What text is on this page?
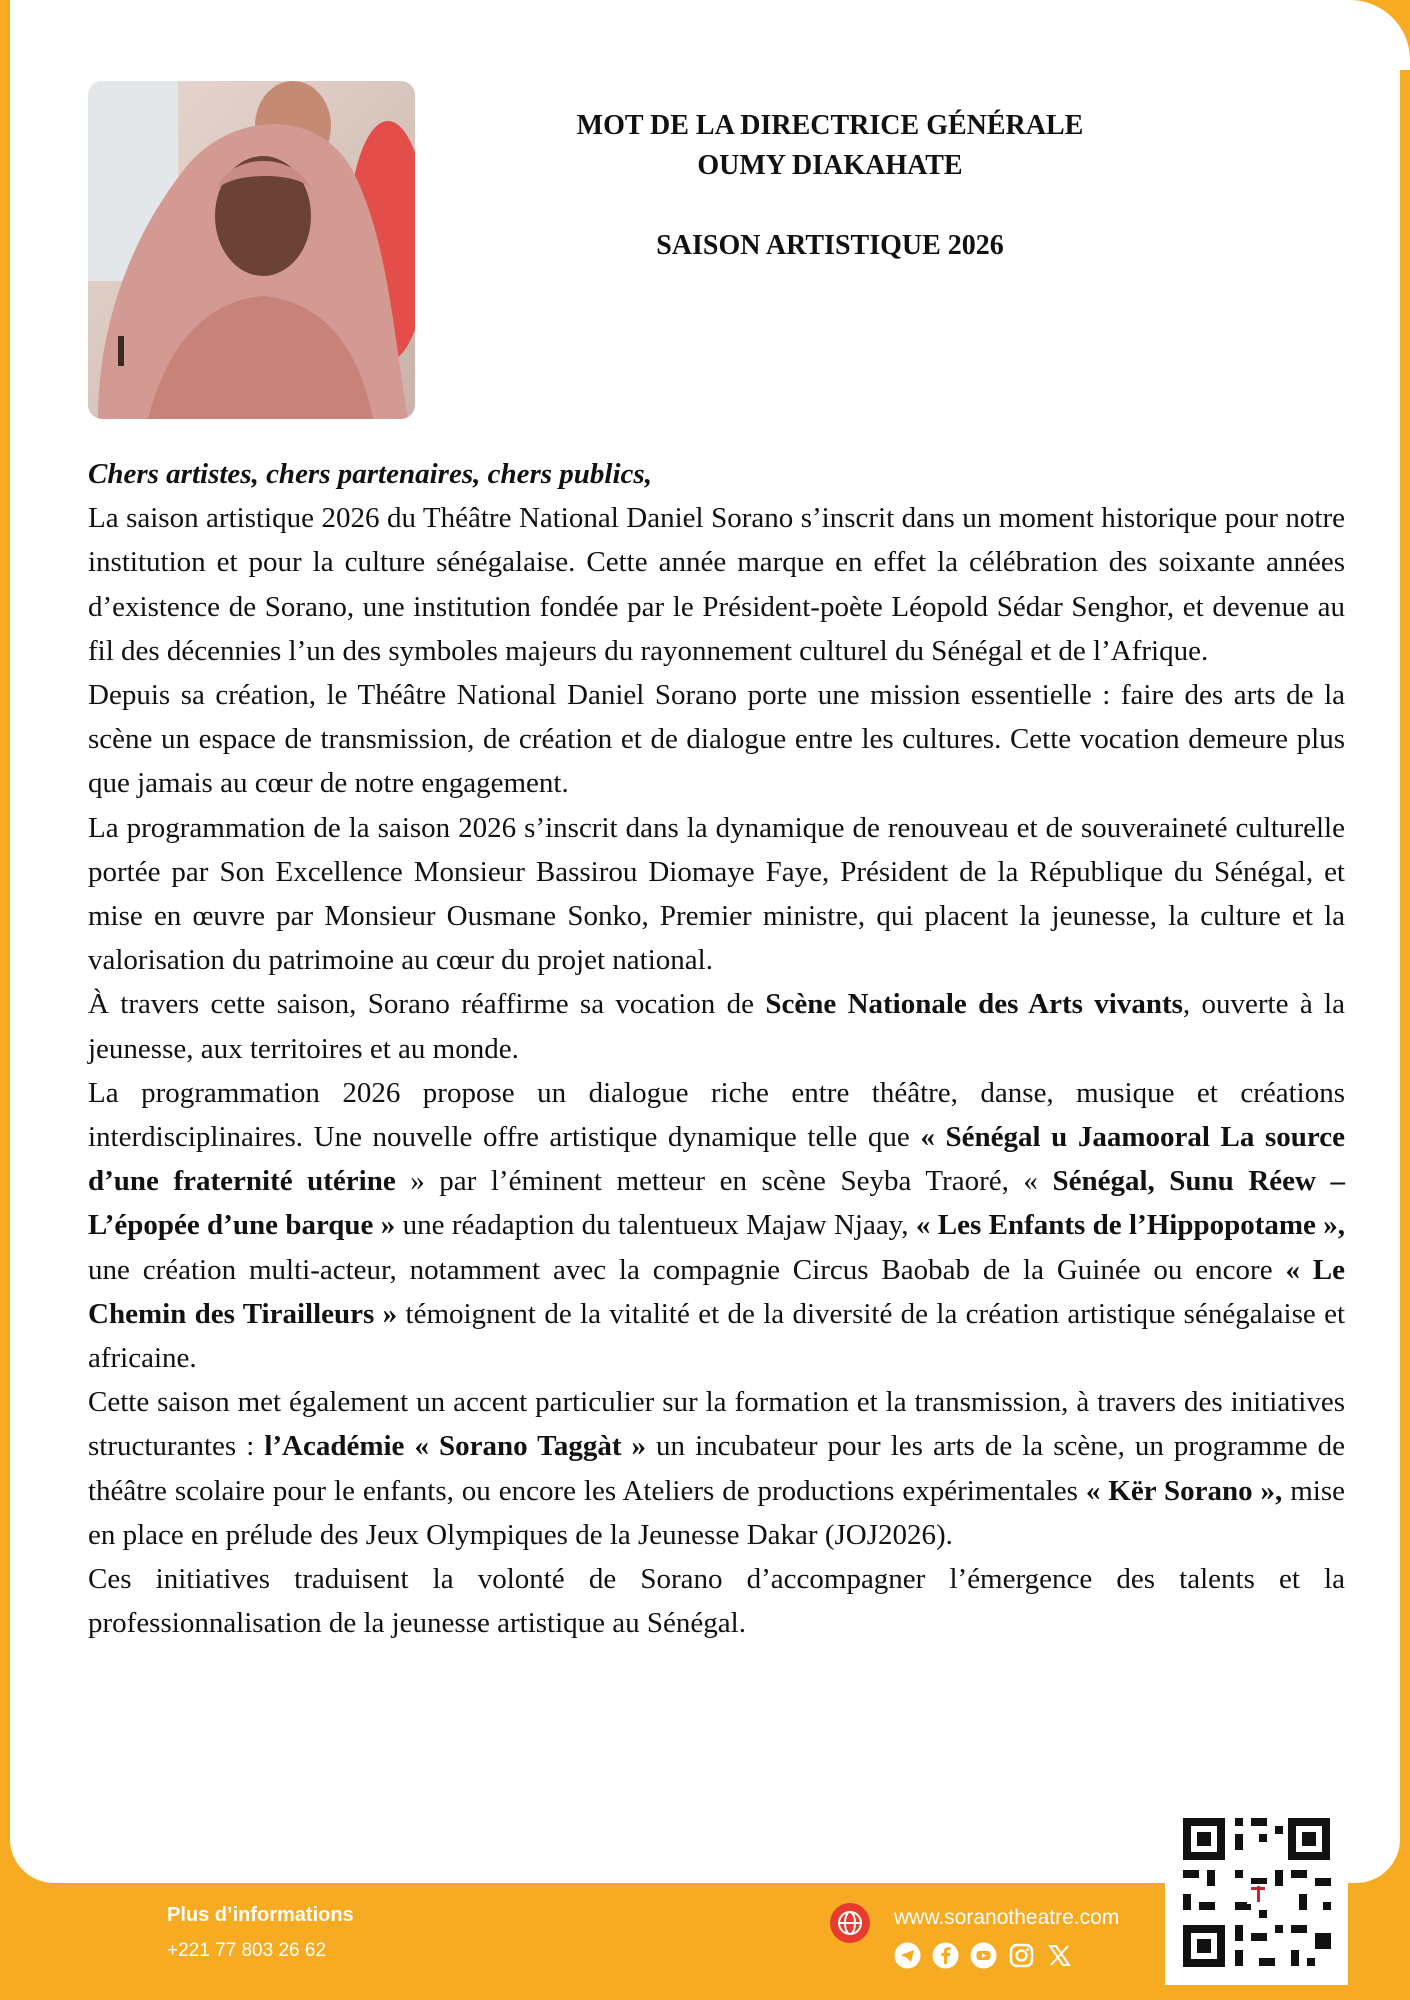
MOT DE LA DIRECTRICE GÉNÉRALE
OUMY DIAKAHATE
SAISON ARTISTIQUE 2026

Chers artistes, chers partenaires, chers publics,

La saison artistique 2026 du Théâtre National Daniel Sorano s’inscrit dans un moment historique pour notre institution et pour la culture sénégalaise. Cette année marque en effet la célébration des soixante années d’existence de Sorano, une institution fondée par le Président-poète Léopold Sédar Senghor, et devenue au fil des décennies l’un des symboles majeurs du rayonnement culturel du Sénégal et de l’Afrique.

Depuis sa création, le Théâtre National Daniel Sorano porte une mission essentielle : faire des arts de la scène un espace de transmission, de création et de dialogue entre les cultures. Cette vocation demeure plus que jamais au cœur de notre engagement.

La programmation de la saison 2026 s’inscrit dans la dynamique de renouveau et de souveraineté culturelle portée par Son Excellence Monsieur Bassirou Diomaye Faye, Président de la République du Sénégal, et mise en œuvre par Monsieur Ousmane Sonko, Premier ministre, qui placent la jeunesse, la culture et la valorisation du patrimoine au cœur du projet national.

À travers cette saison, Sorano réaffirme sa vocation de Scène Nationale des Arts vivants, ouverte à la jeunesse, aux territoires et au monde.

La programmation 2026 propose un dialogue riche entre théâtre, danse, musique et créations interdisciplinaires. Une nouvelle offre artistique dynamique telle que « Sénégal u Jaamooral La source d’une fraternité utérine » par l’éminent metteur en scène Seyba Traoré, « Sénégal, Sunu Réew – L’épopée d’une barque » une réadaption du talentueux Majaw Njaay, « Les Enfants de l’Hippopotame », une création multi-acteur, notamment avec la compagnie Circus Baobab de la Guinée ou encore « Le Chemin des Tirailleurs » témoignent de la vitalité et de la diversité de la création artistique sénégalaise et africaine.

Cette saison met également un accent particulier sur la formation et la transmission, à travers des initiatives structurantes : l’Académie « Sorano Taggàt » un incubateur pour les arts de la scène, un programme de théâtre scolaire pour le enfants, ou encore les Ateliers de productions expérimentales « Kër Sorano », mise en place en prélude des Jeux Olympiques de la Jeunesse Dakar (JOJ2026).

Ces initiatives traduisent la volonté de Sorano d’accompagner l’émergence des talents et la professionnalisation de la jeunesse artistique au Sénégal.

Plus d’informations
+221 77 803 26 62
www.soranotheatre.com
